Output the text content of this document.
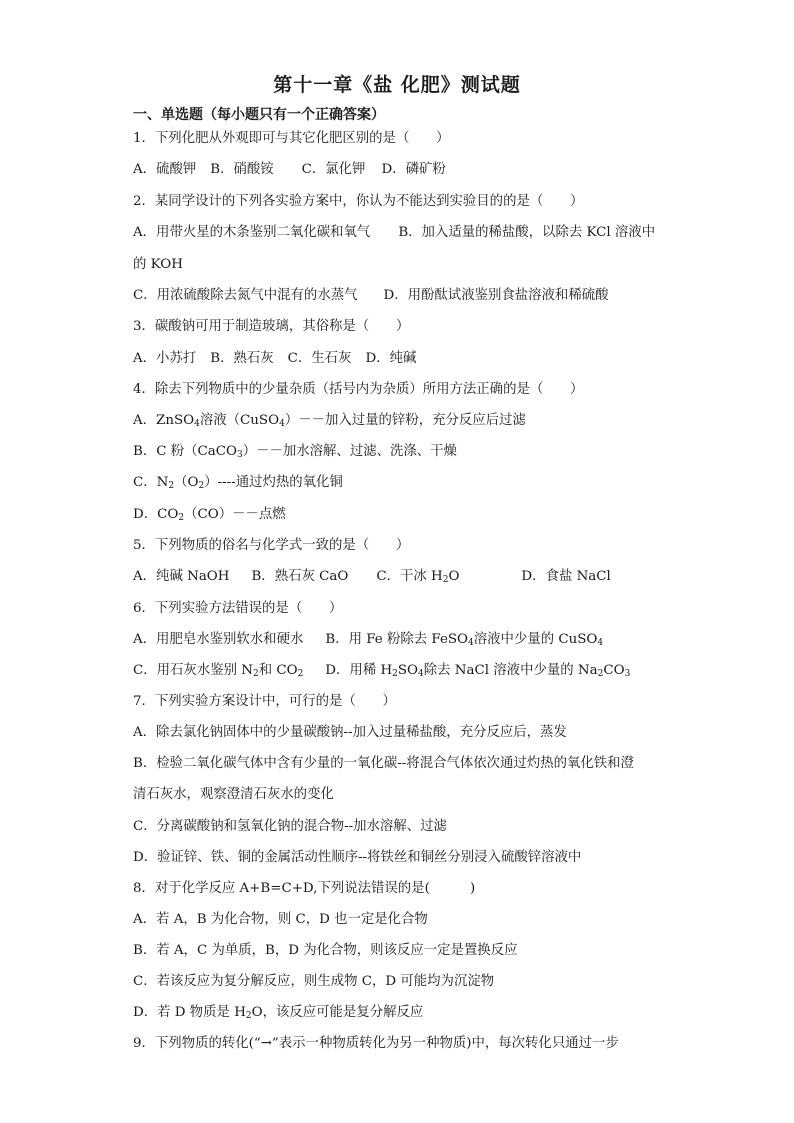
第十一章《盐 化肥》测试题
一、单选题（每小题只有一个正确答案）
1．下列化肥从外观即可与其它化肥区别的是（　　）
A．硫酸钾 B．硝酸铵 C．氯化钾 D．磷矿粉
2．某同学设计的下列各实验方案中，你认为不能达到实验目的的是（　　）
A．用带火星的木条鉴别二氧化碳和氧气 B．加入适量的稀盐酸，以除去 KCl 溶液中
的 KOH
C．用浓硫酸除去氮气中混有的水蒸气 D．用酚酞试液鉴别食盐溶液和稀硫酸
3．碳酸钠可用于制造玻璃，其俗称是（　　）
A．小苏打 B．熟石灰 C．生石灰 D．纯碱
4．除去下列物质中的少量杂质（括号内为杂质）所用方法正确的是（　　）
A．ZnSO$_4$溶液（CuSO$_4$）－－加入过量的锌粉，充分反应后过滤
B．C 粉（CaCO$_3$）－－加水溶解、过滤、洗涤、干燥
C．$N_2(O_2)----$通过灼热的氧化铜
D．$CO_2(CO)--$点燃
5．下列物质的俗名与化学式一致的是（　　）
A．纯碱 NaOH B．熟石灰 CaO C．干冰 $H_2O$	D．食盐 NaCl
6．下列实验方法错误的是（　　）
A．用肥皂水鉴别软水和硬水 B．用 Fe 粉除去 FeSO$_4$溶液中少量的 CuSO$_4$
C．用石灰水鉴别 $N_2$和 $CO_2$ D．用稀 $H_2SO_4$除去 NaCl 溶液中少量的 $Na_2CO_3$
7．下列实验方案设计中，可行的是（　　）
A．除去氯化钠固体中的少量碳酸钠--加入过量稀盐酸，充分反应后，蒸发
B．检验二氧化碳气体中含有少量的一氧化碳--将混合气体依次通过灼热的氧化铁和澄
清石灰水，观察澄清石灰水的变化
C．分离碳酸钠和氢氧化钠的混合物--加水溶解、过滤
D．验证锌、铁、铜的金属活动性顺序--将铁丝和铜丝分别浸入硫酸锌溶液中
8．对于化学反应 A+B=C+D,下列说法错误的是(　　　)
A．若 A，B 为化合物，则 C，D 也一定是化合物
B．若 A，C 为单质，B，D 为化合物，则该反应一定是置换反应
C．若该反应为复分解反应，则生成物 C，D 可能均为沉淀物
D．若 D 物质是 $H_2O$，该反应可能是复分解反应
9．下列物质的转化(“→”表示一种物质转化为另一种物质)中，每次转化只通过一步
